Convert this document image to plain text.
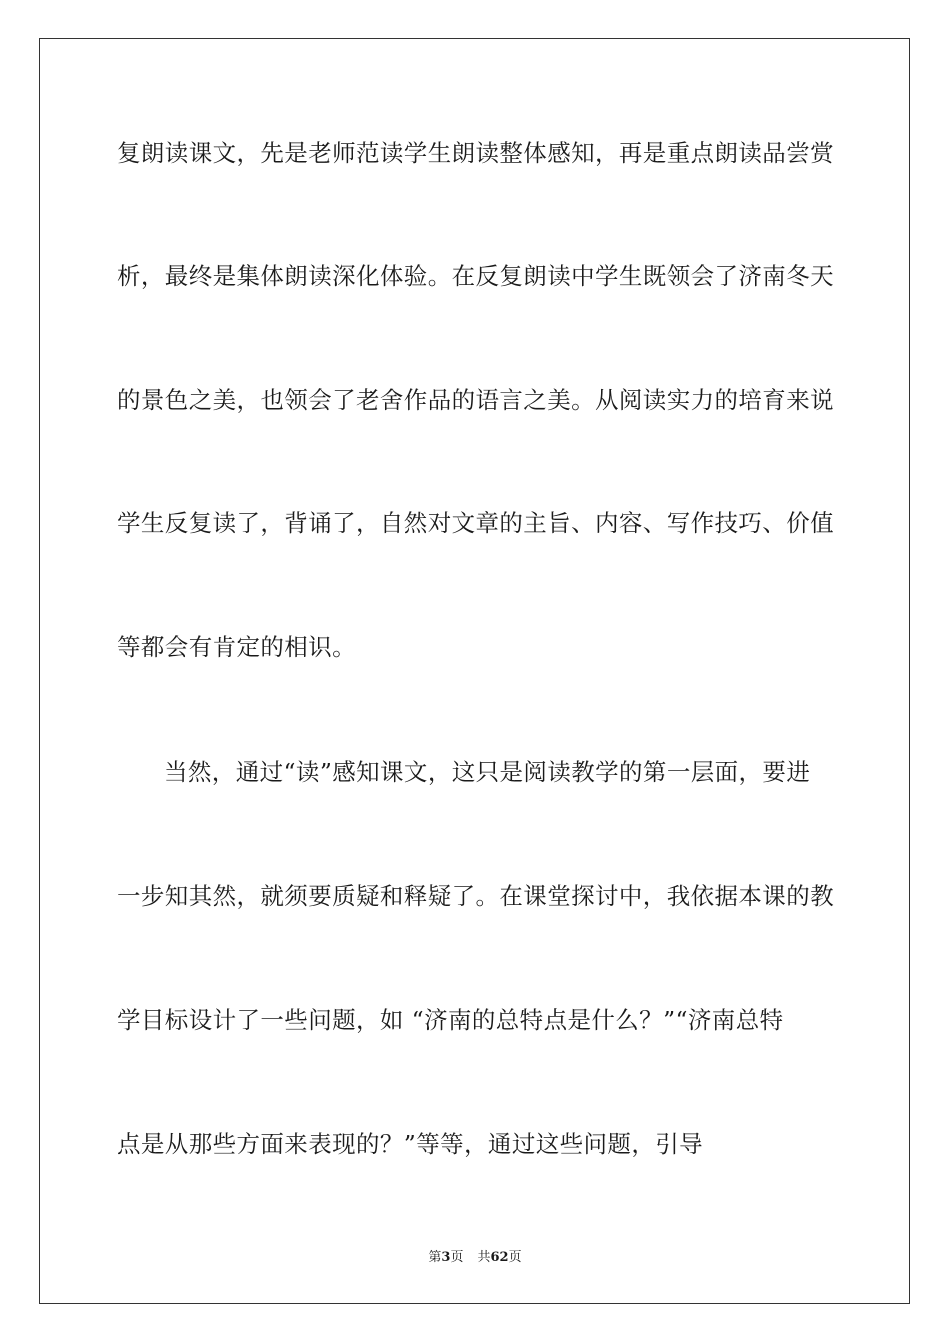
复朗读课文，先是老师范读学生朗读整体感知，再是重点朗读品尝赏
析，最终是集体朗读深化体验。在反复朗读中学生既领会了济南冬天
的景色之美，也领会了老舍作品的语言之美。从阅读实力的培育来说
学生反复读了，背诵了，自然对文章的主旨、内容、写作技巧、价值
等都会有肯定的相识。
当然，通过“读”感知课文，这只是阅读教学的第一层面，要进
一步知其然，就须要质疑和释疑了。在课堂探讨中，我依据本课的教
学目标设计了一些问题，如 “济南的总特点是什么？”“济南总特
点是从那些方面来表现的？”等等，通过这些问题，引导
第3页 共62页
